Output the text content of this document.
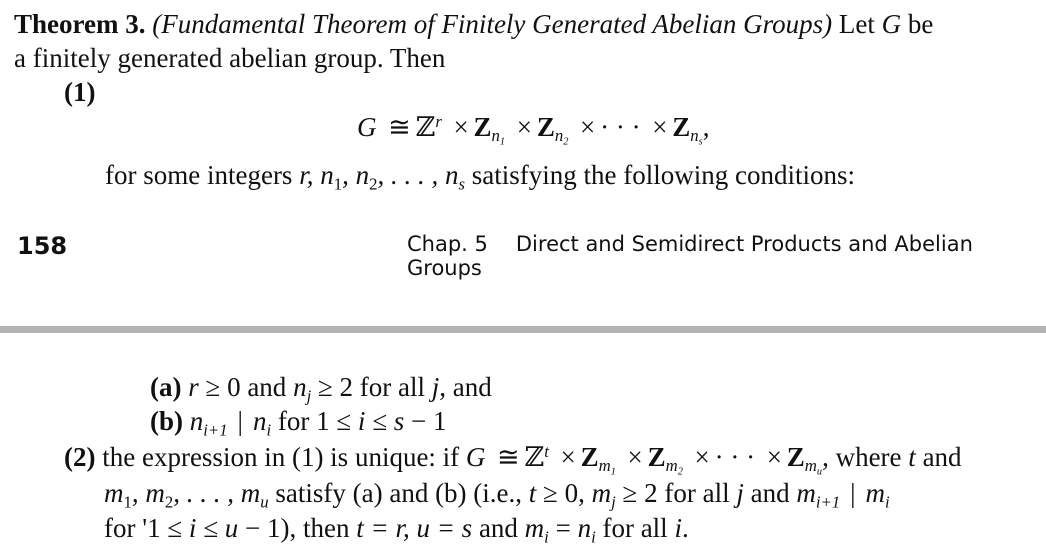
Theorem 3. (Fundamental Theorem of Finitely Generated Abelian Groups) Let G be
a finitely generated abelian group. Then
(1)
G ≅ ℤ$^r$ × $Z_{n_1} \times Z_{n_2}$ × · · · × $Z_{n_s}$,
for some integers r, $n_1$, $n_2$, . . . , $n_s$ satisfying the following conditions:
158	Chap. 5 Direct and Semidirect Products and Abelian Groups
(a) r ≥ 0 and $n_j \ge 2$ for all j, and
(b) $n_{i+1}$ | $n_i$ for 1 ≤ i ≤ s − 1
(2) the expression in (1) is unique: if G ≅ ℤ$^t$ × $Z_{m_1} \times Z_{m_2}$ × · · · × $Z_{m_u}$, where t and
$m_1$, $m_2$, . . . , $m_u$ satisfy (a) and (b) (i.e., t ≥ 0, $m_j \ge 2$ for all j and $m_{i+1}$ | $m_i$
for '1 ≤ i ≤ u − 1), then t = r, u = s and $m_i = n_i$ for all i.
